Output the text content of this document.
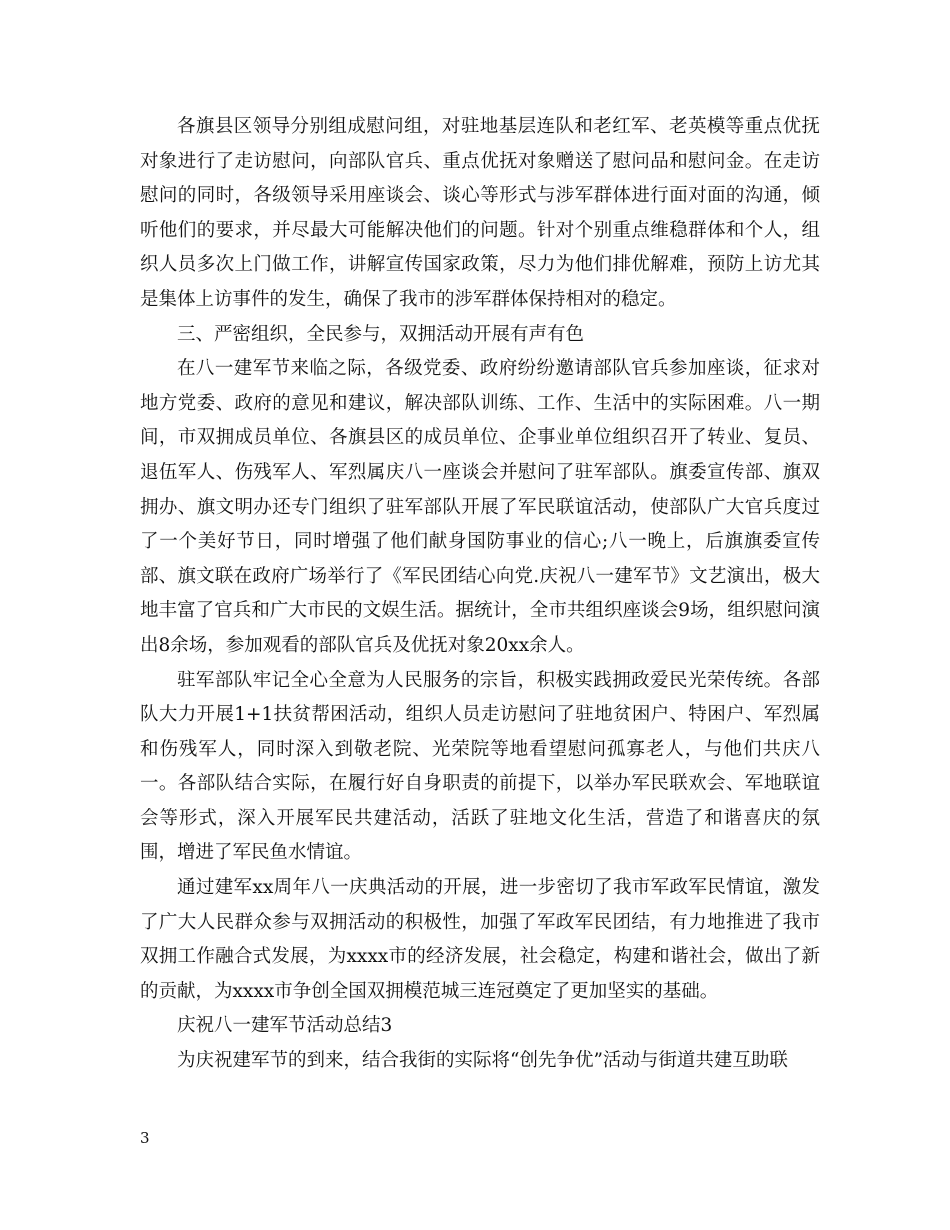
各旗县区领导分别组成慰问组，对驻地基层连队和老红军、老英模等重点优抚对象进行了走访慰问，向部队官兵、重点优抚对象赠送了慰问品和慰问金。在走访慰问的同时，各级领导采用座谈会、谈心等形式与涉军群体进行面对面的沟通，倾听他们的要求，并尽最大可能解决他们的问题。针对个别重点维稳群体和个人，组织人员多次上门做工作，讲解宣传国家政策，尽力为他们排优解难，预防上访尤其是集体上访事件的发生，确保了我市的涉军群体保持相对的稳定。

三、严密组织，全民参与，双拥活动开展有声有色

在八一建军节来临之际，各级党委、政府纷纷邀请部队官兵参加座谈，征求对地方党委、政府的意见和建议，解决部队训练、工作、生活中的实际困难。八一期间，市双拥成员单位、各旗县区的成员单位、企事业单位组织召开了转业、复员、退伍军人、伤残军人、军烈属庆八一座谈会并慰问了驻军部队。旗委宣传部、旗双拥办、旗文明办还专门组织了驻军部队开展了军民联谊活动，使部队广大官兵度过了一个美好节日，同时增强了他们献身国防事业的信心;八一晚上，后旗旗委宣传部、旗文联在政府广场举行了《军民团结心向党.庆祝八一建军节》文艺演出，极大地丰富了官兵和广大市民的文娱生活。据统计，全市共组织座谈会9场，组织慰问演出8余场，参加观看的部队官兵及优抚对象20xx余人。

驻军部队牢记全心全意为人民服务的宗旨，积极实践拥政爱民光荣传统。各部队大力开展1+1扶贫帮困活动，组织人员走访慰问了驻地贫困户、特困户、军烈属和伤残军人，同时深入到敬老院、光荣院等地看望慰问孤寡老人，与他们共庆八一。各部队结合实际，在履行好自身职责的前提下，以举办军民联欢会、军地联谊会等形式，深入开展军民共建活动，活跃了驻地文化生活，营造了和谐喜庆的氛围，增进了军民鱼水情谊。

通过建军xx周年八一庆典活动的开展，进一步密切了我市军政军民情谊，激发了广大人民群众参与双拥活动的积极性，加强了军政军民团结，有力地推进了我市双拥工作融合式发展，为xxxx市的经济发展，社会稳定，构建和谐社会，做出了新的贡献，为xxxx市争创全国双拥模范城三连冠奠定了更加坚实的基础。

庆祝八一建军节活动总结3

为庆祝建军节的到来，结合我街的实际将“创先争优”活动与街道共建互助联

3
